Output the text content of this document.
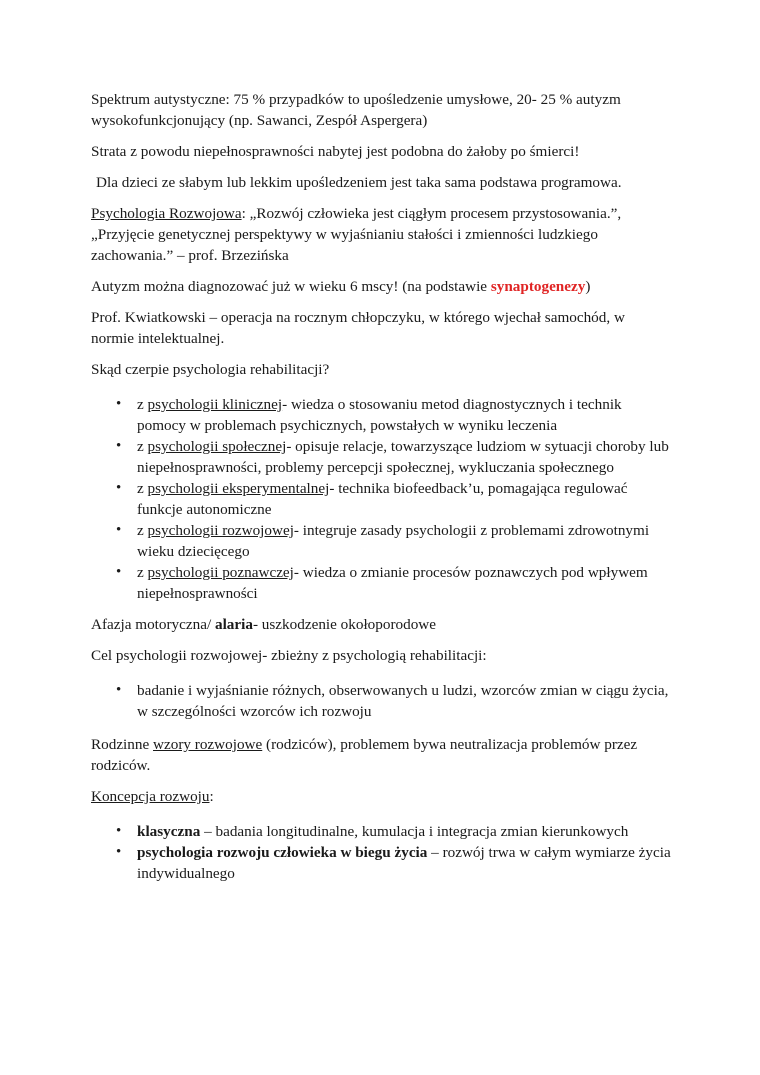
Spektrum autystyczne: 75 % przypadków to upośledzenie umysłowe, 20- 25 % autyzm wysokofunkcjonujący (np. Sawanci, Zespół Aspergera)

Strata z powodu niepełnosprawności nabytej jest podobna do żałoby po śmierci!

Dla dzieci ze słabym lub lekkim upośledzeniem jest taka sama podstawa programowa.

Psychologia Rozwojowa: „Rozwój człowieka jest ciągłym procesem przystosowania.”, „Przyjęcie genetycznej perspektywy w wyjaśnianiu stałości i zmienności ludzkiego zachowania.” – prof. Brzezińska

Autyzm można diagnozować już w wieku 6 mscy! (na podstawie synaptogenezy)

Prof. Kwiatkowski – operacja na rocznym chłopczyku, w którego wjechał samochód, w normie intelektualnej.

Skąd czerpie psychologia rehabilitacji?

• z psychologii klinicznej- wiedza o stosowaniu metod diagnostycznych i technik pomocy w problemach psychicznych, powstałych w wyniku leczenia
• z psychologii społecznej- opisuje relacje, towarzyszące ludziom w sytuacji choroby lub niepełnosprawności, problemy percepcji społecznej, wykluczania społecznego
• z psychologii eksperymentalnej- technika biofeedback’u, pomagająca regulować funkcje autonomiczne
• z psychologii rozwojowej- integruje zasady psychologii z problemami zdrowotnymi wieku dziecięcego
• z psychologii poznawczej- wiedza o zmianie procesów poznawczych pod wpływem niepełnosprawności

Afazja motoryczna/ alaria- uszkodzenie okołoporodowe

Cel psychologii rozwojowej- zbieżny z psychologią rehabilitacji:

• badanie i wyjaśnianie różnych, obserwowanych u ludzi, wzorców zmian w ciągu życia, w szczególności wzorców ich rozwoju

Rodzinne wzory rozwojowe (rodziców), problemem bywa neutralizacja problemów przez rodziców.

Koncepcja rozwoju:

• klasyczna – badania longitudinalne, kumulacja i integracja zmian kierunkowych
• psychologia rozwoju człowieka w biegu życia – rozwój trwa w całym wymiarze życia indywidualnego
